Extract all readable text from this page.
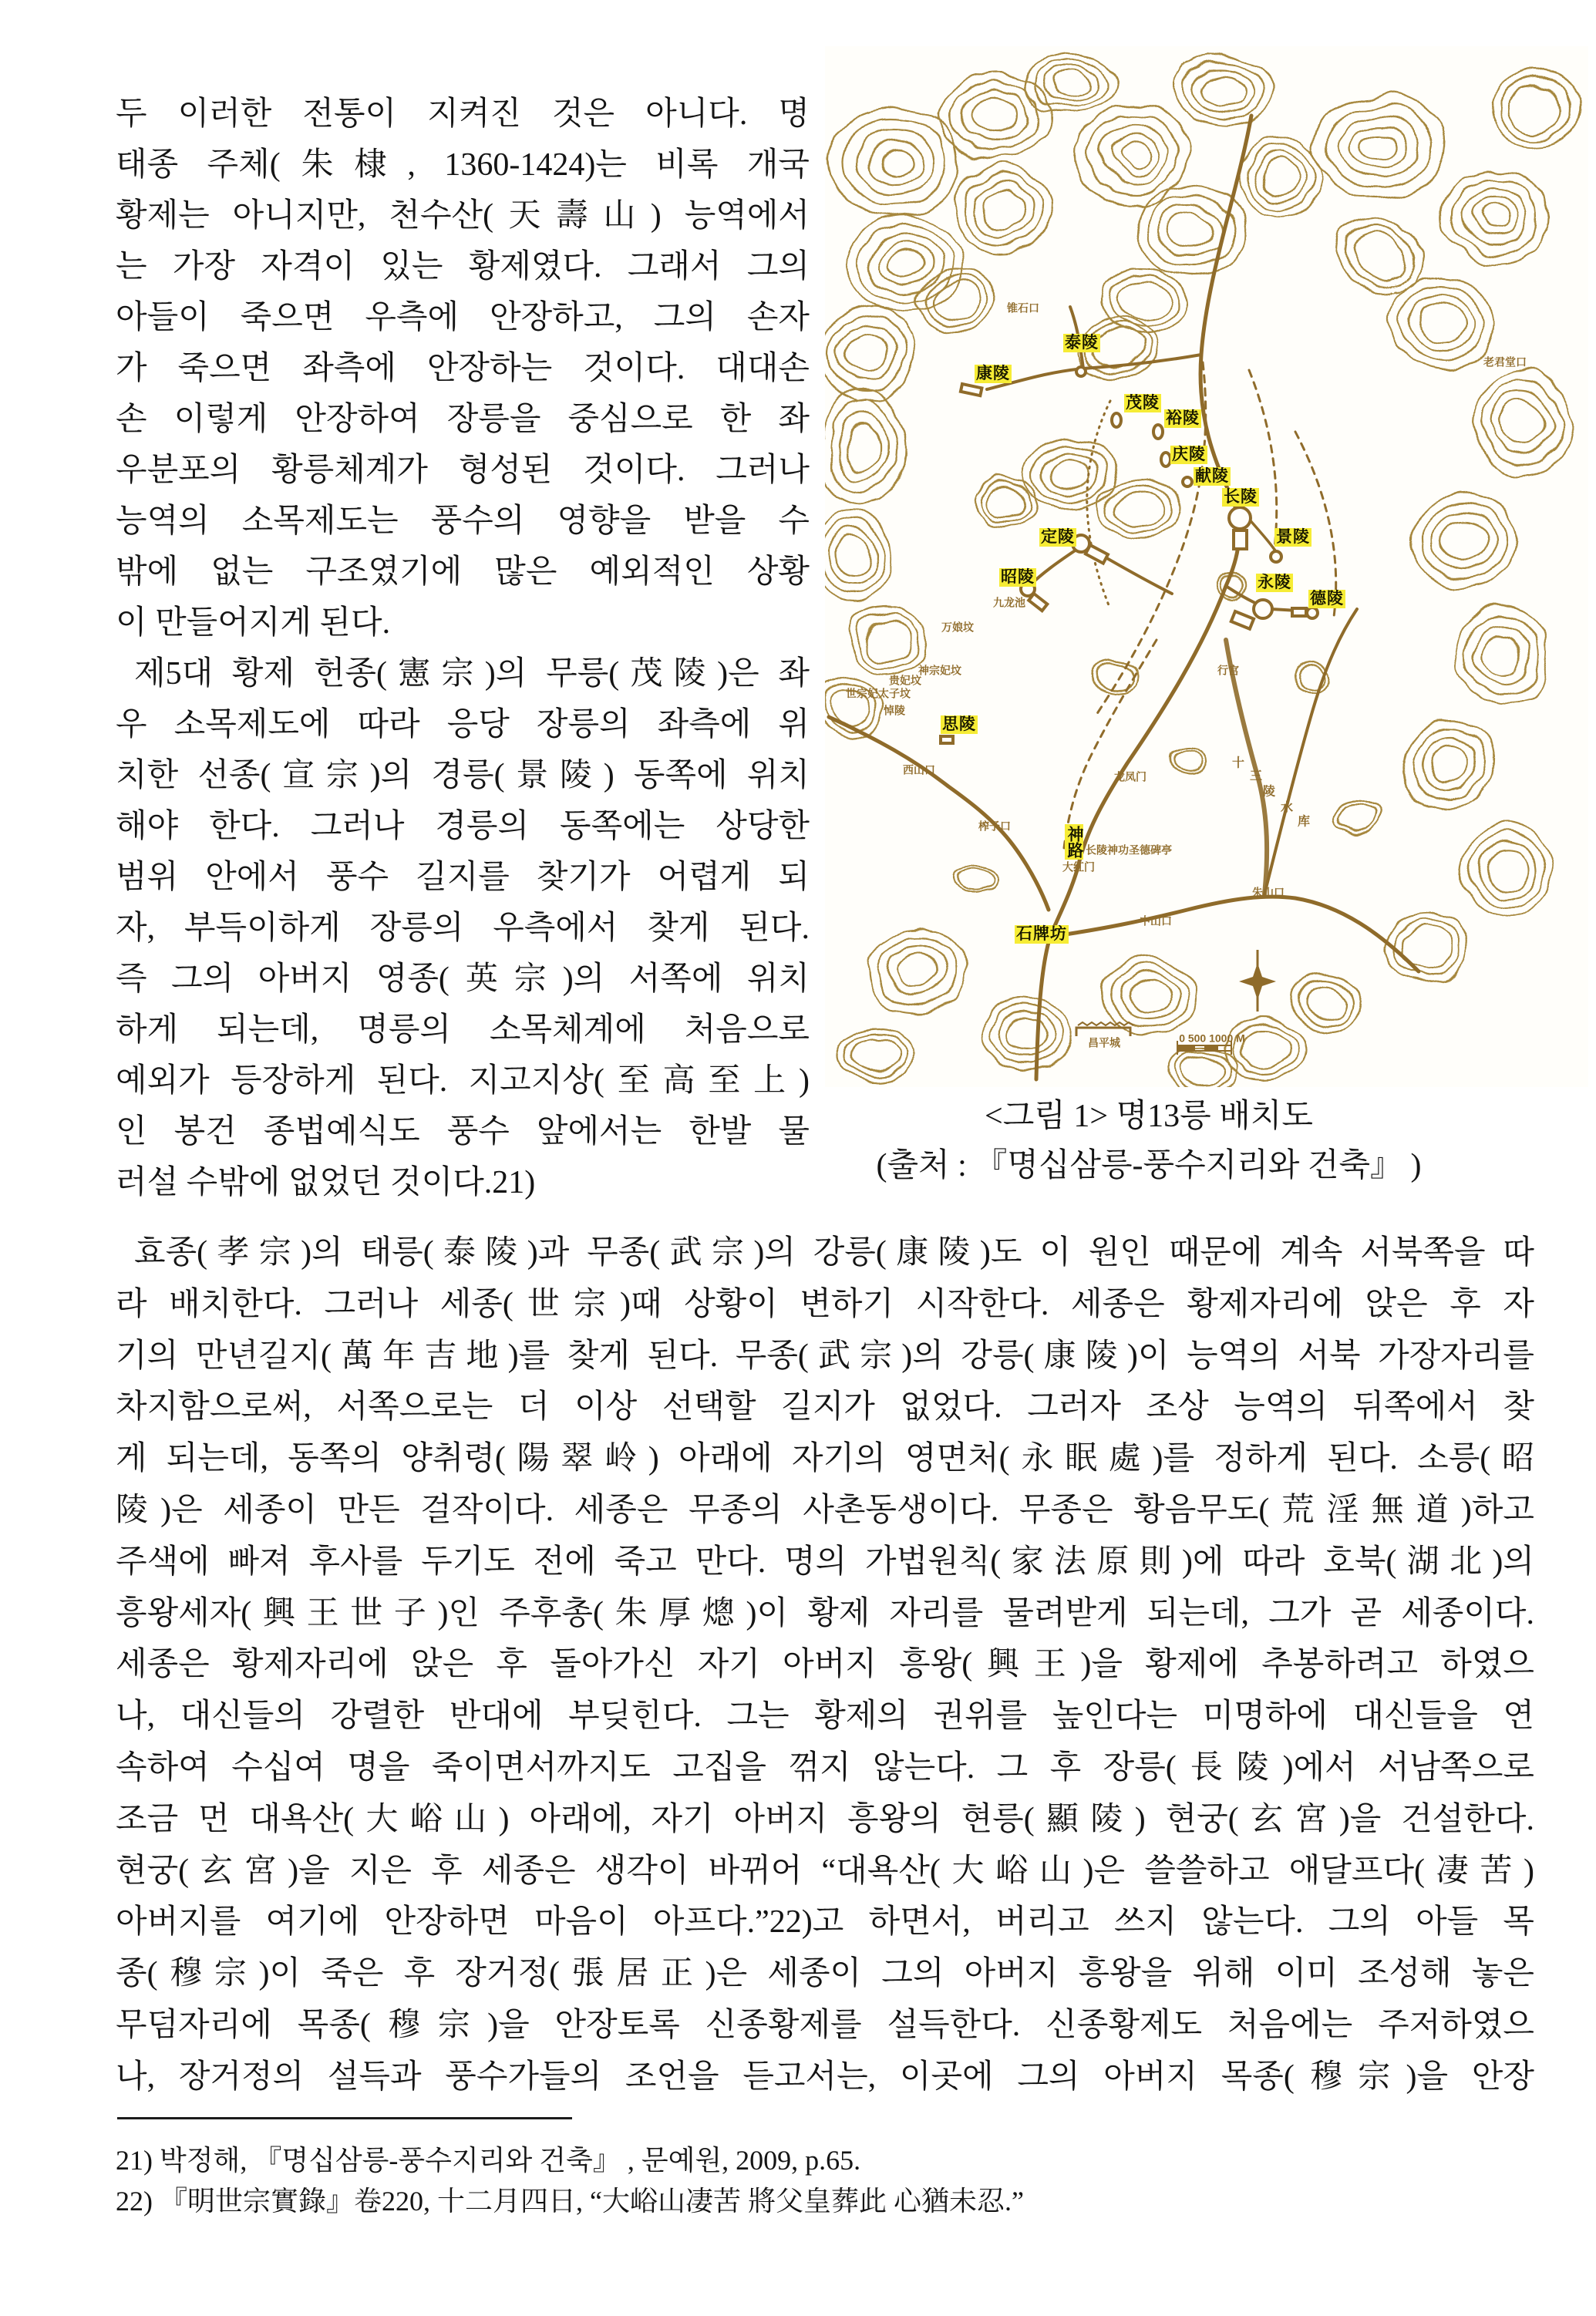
두 이러한 전통이 지켜진 것은 아니다. 명
태종 주체(朱棣, 1360-1424)는 비록 개국
황제는 아니지만, 천수산(天壽山) 능역에서
는 가장 자격이 있는 황제였다. 그래서 그의
아들이 죽으면 우측에 안장하고, 그의 손자
가 죽으면 좌측에 안장하는 것이다. 대대손
손 이렇게 안장하여 장릉을 중심으로 한 좌
우분포의 황릉체계가 형성된 것이다. 그러나
능역의 소목제도는 풍수의 영향을 받을 수
밖에 없는 구조였기에 많은 예외적인 상황
이 만들어지게 된다.
제5대 황제 헌종(憲宗)의 무릉(茂陵)은 좌
우 소목제도에 따라 응당 장릉의 좌측에 위
치한 선종(宣宗)의 경릉(景陵) 동쪽에 위치
해야 한다. 그러나 경릉의 동쪽에는 상당한
범위 안에서 풍수 길지를 찾기가 어렵게 되
자, 부득이하게 장릉의 우측에서 찾게 된다.
즉 그의 아버지 영종(英宗)의 서쪽에 위치
하게 되는데, 명릉의 소목체계에 처음으로
예외가 등장하게 된다. 지고지상(至高至上)
인 봉건 종법예식도 풍수 앞에서는 한발 물
러설 수밖에 없었던 것이다.21)
泰陵
康陵
茂陵
裕陵
庆陵
献陵
长陵
定陵	景陵
昭陵	永陵
德陵
思陵
神路
石牌坊
锥石口
老君堂口
万娘坟
九龙池
神宗妃坟
贵妃坟
世宗妃太子坟
悼陵
西山口
榨子口
龙凤门
行宫
长陵神功圣德碑亭
大红门
中山口
朱山口
昌平城
十
三
陵
水
库
0 500 1000 M
<그림 1> 명13릉 배치도
(출처 : 『명십삼릉-풍수지리와 건축』 )
효종(孝宗)의 태릉(泰陵)과 무종(武宗)의 강릉(康陵)도 이 원인 때문에 계속 서북쪽을 따
라 배치한다. 그러나 세종(世宗)때 상황이 변하기 시작한다. 세종은 황제자리에 앉은 후 자
기의 만년길지(萬年吉地)를 찾게 된다. 무종(武宗)의 강릉(康陵)이 능역의 서북 가장자리를
차지함으로써, 서쪽으로는 더 이상 선택할 길지가 없었다. 그러자 조상 능역의 뒤쪽에서 찾
게 되는데, 동쪽의 양취령(陽翠岭) 아래에 자기의 영면처(永眠處)를 정하게 된다. 소릉(昭
陵)은 세종이 만든 걸작이다. 세종은 무종의 사촌동생이다. 무종은 황음무도(荒淫無道)하고
주색에 빠져 후사를 두기도 전에 죽고 만다. 명의 가법원칙(家法原則)에 따라 호북(湖北)의
흥왕세자(興王世子)인 주후총(朱厚熜)이 황제 자리를 물려받게 되는데, 그가 곧 세종이다.
세종은 황제자리에 앉은 후 돌아가신 자기 아버지 흥왕(興王)을 황제에 추봉하려고 하였으
나, 대신들의 강렬한 반대에 부딪힌다. 그는 황제의 권위를 높인다는 미명하에 대신들을 연
속하여 수십여 명을 죽이면서까지도 고집을 꺾지 않는다. 그 후 장릉(長陵)에서 서남쪽으로
조금 먼 대욕산(大峪山) 아래에, 자기 아버지 흥왕의 현릉(顯陵) 현궁(玄宮)을 건설한다.
현궁(玄宮)을 지은 후 세종은 생각이 바뀌어 “대욕산(大峪山)은 쓸쓸하고 애달프다(凄苦)
아버지를 여기에 안장하면 마음이 아프다.”22)고 하면서, 버리고 쓰지 않는다. 그의 아들 목
종(穆宗)이 죽은 후 장거정(張居正)은 세종이 그의 아버지 흥왕을 위해 이미 조성해 놓은
무덤자리에 목종(穆宗)을 안장토록 신종황제를 설득한다. 신종황제도 처음에는 주저하였으
나, 장거정의 설득과 풍수가들의 조언을 듣고서는, 이곳에 그의 아버지 목종(穆宗)을 안장
21) 박정해, 『명십삼릉-풍수지리와 건축』 , 문예원, 2009, p.65.
22) 『明世宗實錄』卷220, 十二月四日, “大峪山凄苦 將父皇葬此 心猶未忍.”
